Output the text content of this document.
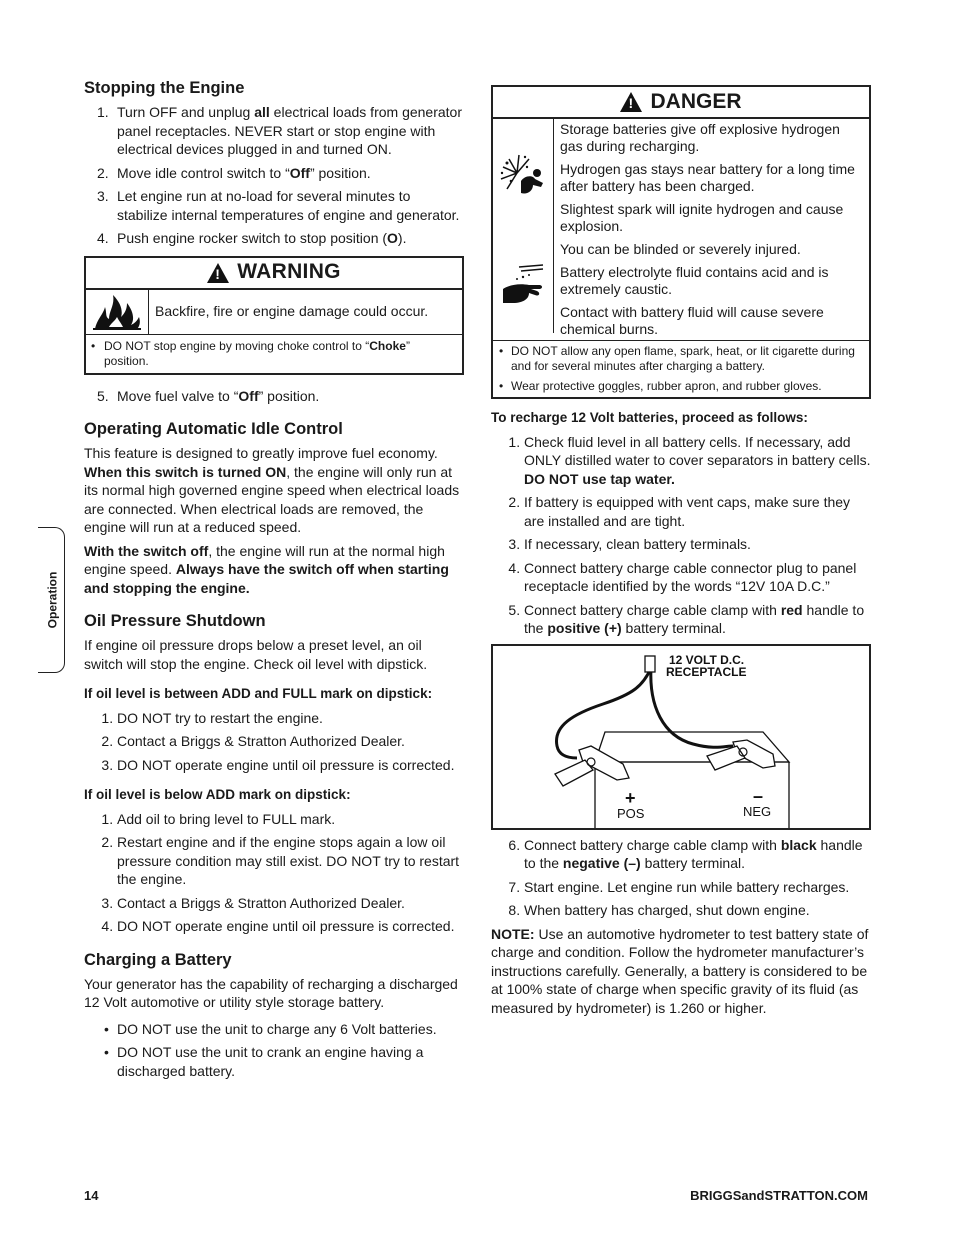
Operation
Stopping the Engine
1. Turn OFF and unplug all electrical loads from generator panel receptacles. NEVER start or stop engine with electrical devices plugged in and turned ON.
2. Move idle control switch to “Off” position.
3. Let engine run at no-load for several minutes to stabilize internal temperatures of engine and generator.
4. Push engine rocker switch to stop position (O).
!
WARNING
Backfire, fire or engine damage could occur.
• DO NOT stop engine by moving choke control to “Choke” position.
5. Move fuel valve to “Off” position.
Operating Automatic Idle Control

This feature is designed to greatly improve fuel economy. When this switch is turned ON, the engine will only run at its normal high governed engine speed when electrical loads are connected. When electrical loads are removed, the engine will run at a reduced speed.

With the switch off, the engine will run at the normal high engine speed. Always have the switch off when starting and stopping the engine.

Oil Pressure Shutdown

If engine oil pressure drops below a preset level, an oil switch will stop the engine. Check oil level with dipstick.

If oil level is between ADD and FULL mark on dipstick:
1. DO NOT try to restart the engine.
2. Contact a Briggs & Stratton Authorized Dealer.
3. DO NOT operate engine until oil pressure is corrected.
If oil level is below ADD mark on dipstick:
1. Add oil to bring level to FULL mark.
2. Restart engine and if the engine stops again a low oil pressure condition may still exist. DO NOT try to restart the engine.
3. Contact a Briggs & Stratton Authorized Dealer.
4. DO NOT operate engine until oil pressure is corrected.
Charging a Battery

Your generator has the capability of recharging a discharged 12 Volt automotive or utility style storage battery.

• DO NOT use the unit to charge any 6 Volt batteries.
• DO NOT use the unit to crank an engine having a discharged battery.
!
DANGER
Storage batteries give off explosive hydrogen gas during recharging.
Hydrogen gas stays near battery for a long time after battery has been charged.
Slightest spark will ignite hydrogen and cause explosion.
You can be blinded or severely injured.
Battery electrolyte fluid contains acid and is extremely caustic.
Contact with battery fluid will cause severe chemical burns.
• DO NOT allow any open flame, spark, heat, or lit cigarette during and for several minutes after charging a battery.
• Wear protective goggles, rubber apron, and rubber gloves.
To recharge 12 Volt batteries, proceed as follows:
1. Check fluid level in all battery cells. If necessary, add ONLY distilled water to cover separators in battery cells. DO NOT use tap water.
2. If battery is equipped with vent caps, make sure they are installed and are tight.
3. If necessary, clean battery terminals.
4. Connect battery charge cable connector plug to panel receptacle identified by the words “12V 10A D.C.”
5. Connect battery charge cable clamp with red handle to the positive (+) battery terminal.
12 VOLT D.C.
RECEPTACLE
+
POS
–
NEG
6. Connect battery charge cable clamp with black handle to the negative (–) battery terminal.
7. Start engine. Let engine run while battery recharges.
8. When battery has charged, shut down engine.

NOTE: Use an automotive hydrometer to test battery state of charge and condition. Follow the hydrometer manufacturer’s instructions carefully. Generally, a battery is considered to be at 100% state of charge when specific gravity of its fluid (as measured by hydrometer) is 1.260 or higher.

14	BRIGGSandSTRATTON.COM
